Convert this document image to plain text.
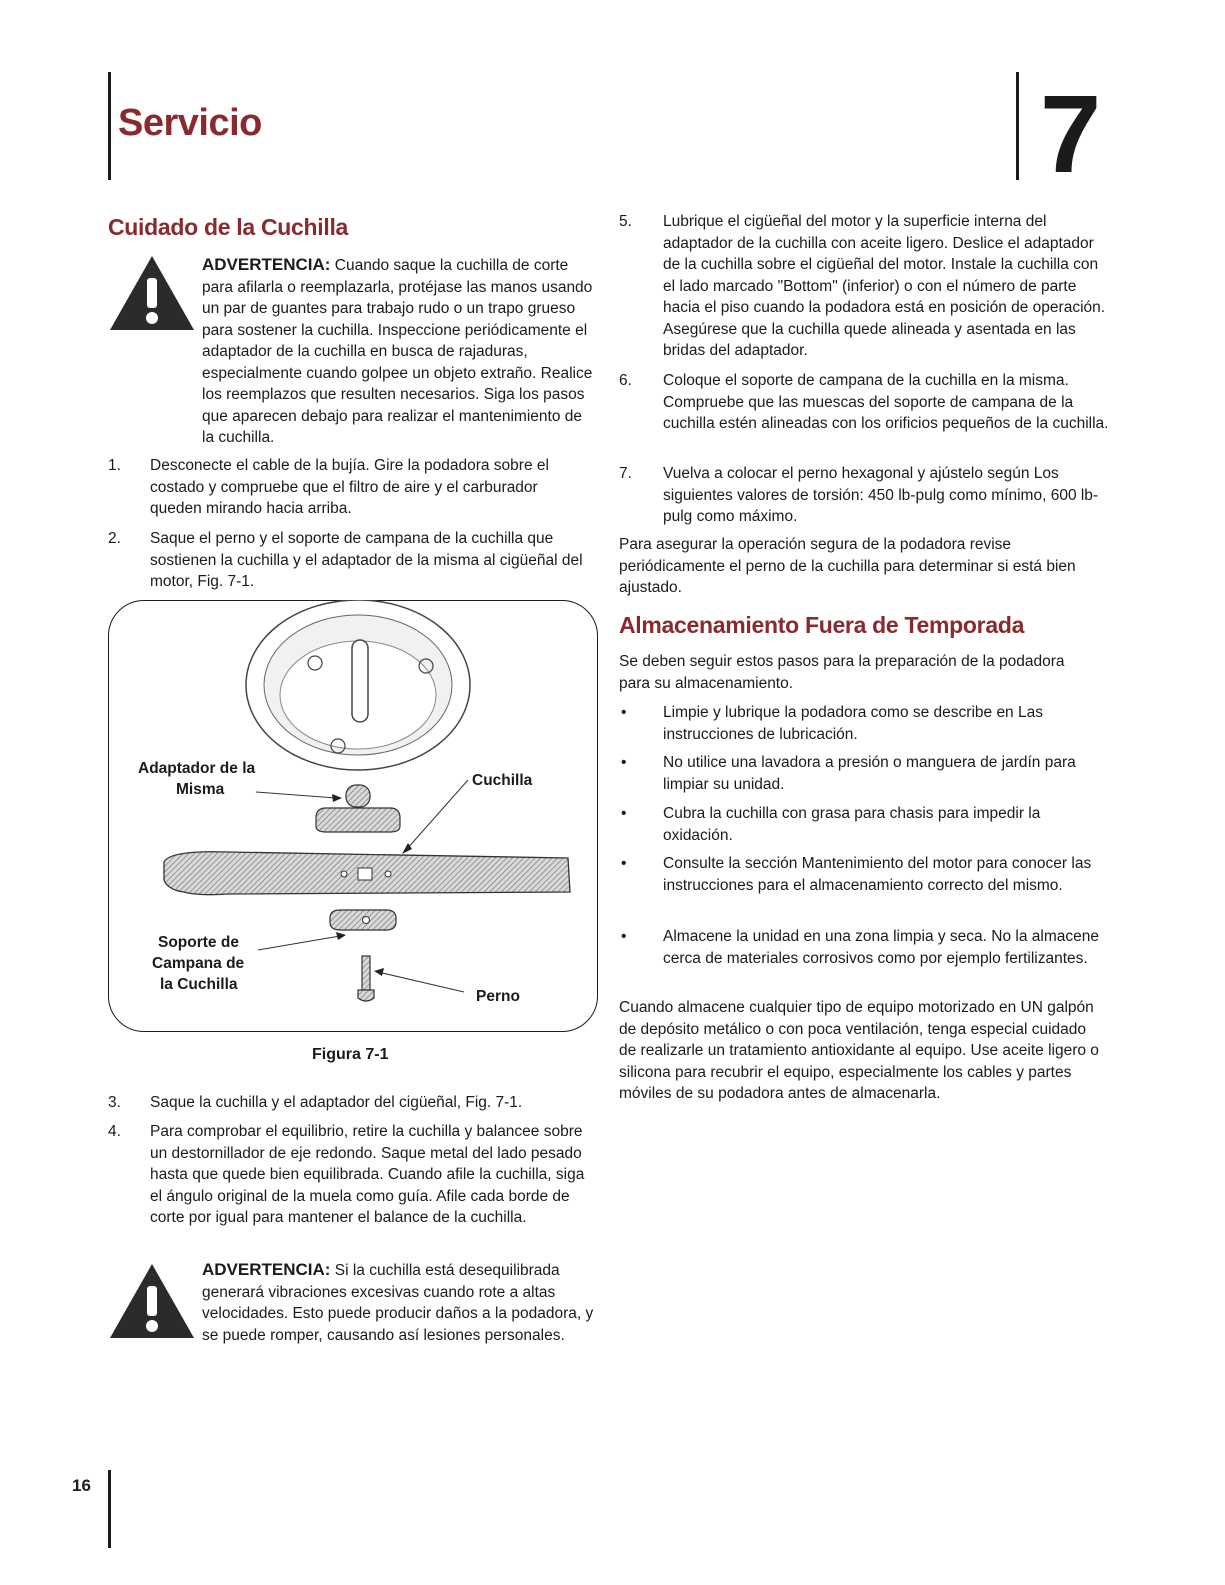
Servicio	7
Cuidado de la Cuchilla

ADVERTENCIA: Cuando saque la cuchilla de corte para afilarla o reemplazarla, protéjase las manos usando un par de guantes para trabajo rudo o un trapo grueso para sostener la cuchilla. Inspeccione periódicamente el adaptador de la cuchilla en busca de rajaduras, especialmente cuando golpee un objeto extraño. Realice los reemplazos que resulten necesarios. Siga los pasos que aparecen debajo para realizar el mantenimiento de la cuchilla.

1. Desconecte el cable de la bujía. Gire la podadora sobre el costado y compruebe que el filtro de aire y el carburador queden mirando hacia arriba.
2. Saque el perno y el soporte de campana de la cuchilla que sostienen la cuchilla y el adaptador de la misma al cigüeñal del motor, Fig. 7-1.
Adaptador de la
Misma
Cuchilla
Soporte de
Campana de
la Cuchilla
Perno
Figura 7-1
3. Saque la cuchilla y el adaptador del cigüeñal, Fig. 7-1.
4. Para comprobar el equilibrio, retire la cuchilla y balancee sobre un destornillador de eje redondo. Saque metal del lado pesado hasta que quede bien equilibrada. Cuando afile la cuchilla, siga el ángulo original de la muela como guía. Afile cada borde de corte por igual para mantener el balance de la cuchilla.

ADVERTENCIA: Si la cuchilla está desequilibrada generará vibraciones excesivas cuando rote a altas velocidades. Esto puede producir daños a la podadora, y se puede romper, causando así lesiones personales.

5. Lubrique el cigüeñal del motor y la superficie interna del adaptador de la cuchilla con aceite ligero. Deslice el adaptador de la cuchilla sobre el cigüeñal del motor. Instale la cuchilla con el lado marcado "Bottom" (inferior) o con el número de parte hacia el piso cuando la podadora está en posición de operación. Asegúrese que la cuchilla quede alineada y asentada en las bridas del adaptador.
6. Coloque el soporte de campana de la cuchilla en la misma. Compruebe que las muescas del soporte de campana de la cuchilla estén alineadas con los orificios pequeños de la cuchilla.
7. Vuelva a colocar el perno hexagonal y ajústelo según Los siguientes valores de torsión: 450 lb-pulg como mínimo, 600 lb-pulg como máximo.

Para asegurar la operación segura de la podadora revise periódicamente el perno de la cuchilla para determinar si está bien ajustado.

Almacenamiento Fuera de Temporada

Se deben seguir estos pasos para la preparación de la podadora para su almacenamiento.

• Limpie y lubrique la podadora como se describe en Las instrucciones de lubricación.
• No utilice una lavadora a presión o manguera de jardín para limpiar su unidad.
• Cubra la cuchilla con grasa para chasis para impedir la oxidación.
• Consulte la sección Mantenimiento del motor para conocer las instrucciones para el almacenamiento correcto del mismo.
• Almacene la unidad en una zona limpia y seca. No la almacene cerca de materiales corrosivos como por ejemplo fertilizantes.

Cuando almacene cualquier tipo de equipo motorizado en UN galpón de depósito metálico o con poca ventilación, tenga especial cuidado de realizarle un tratamiento antioxidante al equipo. Use aceite ligero o silicona para recubrir el equipo, especialmente los cables y partes móviles de su podadora antes de almacenarla.

16
